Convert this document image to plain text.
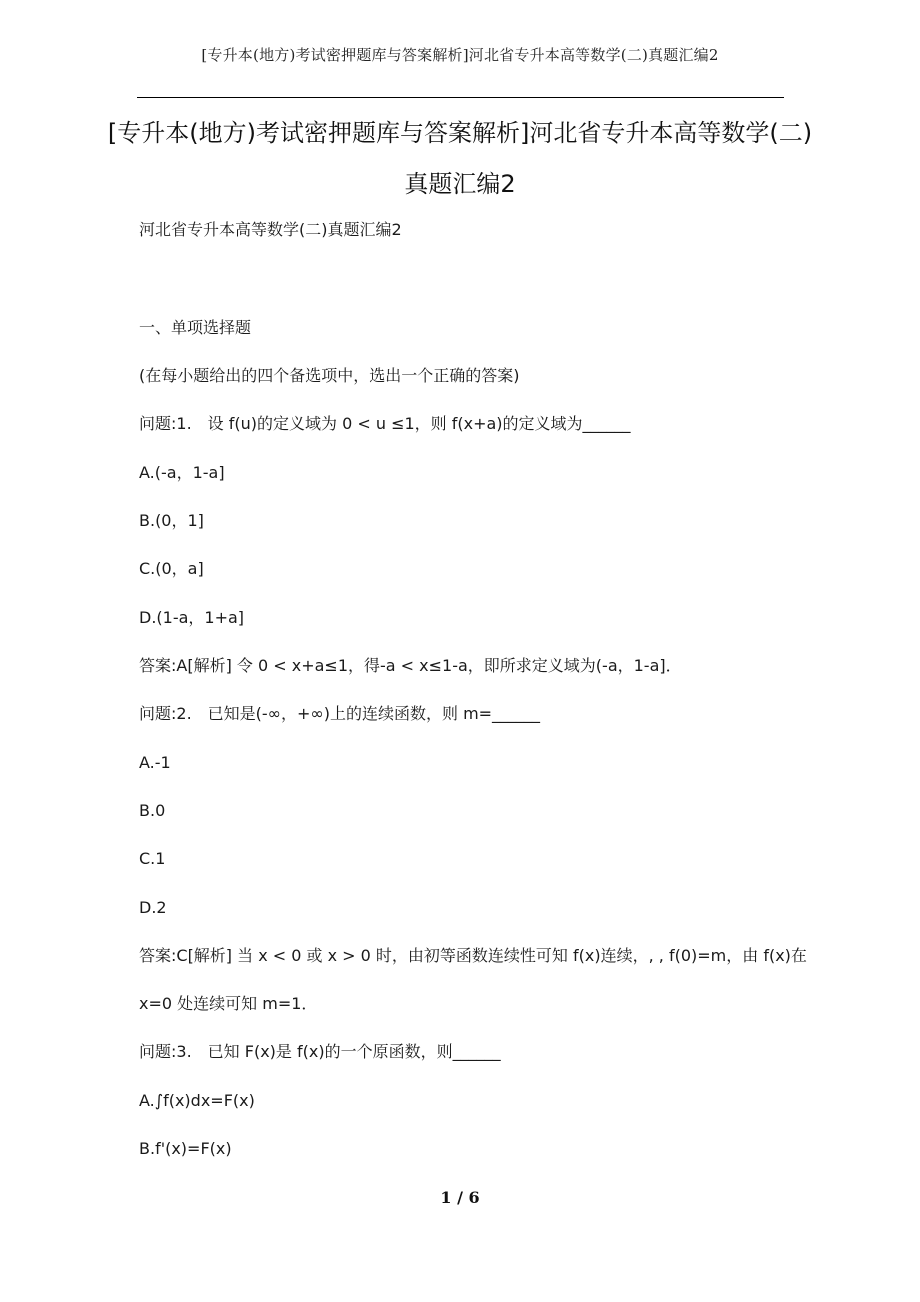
[专升本(地方)考试密押题库与答案解析]河北省专升本高等数学(二)真题汇编2
[专升本(地方)考试密押题库与答案解析]河北省专升本高等数学(二)
真题汇编2
河北省专升本高等数学(二)真题汇编2
一、单项选择题
(在每小题给出的四个备选项中，选出一个正确的答案)
问题:1.　设 f(u)的定义域为 0 < u ≤1，则 f(x+a)的定义域为______
A.(-a，1-a]
B.(0，1]
C.(0，a]
D.(1-a，1+a]
答案:A[解析] 令 0 < x+a≤1，得-a < x≤1-a，即所求定义域为(-a，1-a]．
问题:2.　已知是(-∞，+∞)上的连续函数，则 m=______
A.-1
B.0
C.1
D.2
答案:C[解析] 当 x < 0 或 x > 0 时，由初等函数连续性可知 f(x)连续，, , f(0)=m，由 f(x)在
x=0 处连续可知 m=1．
问题:3.　已知 F(x)是 f(x)的一个原函数，则______
A.∫f(x)dx=F(x)
B.f'(x)=F(x)
1 / 6
